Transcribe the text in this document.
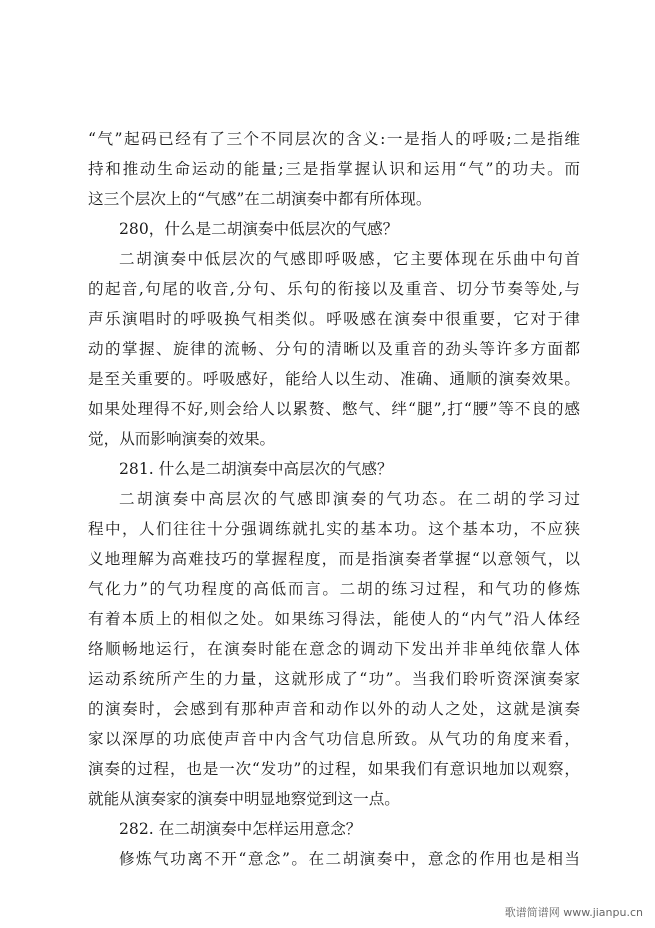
“气”起码已经有了三个不同层次的含义:一是指人的呼吸;二是指维
持和推动生命运动的能量;三是指掌握认识和运用“气”的功夫。而
这三个层次上的“气感”在二胡演奏中都有所体现。
280，什么是二胡演奏中低层次的气感？
二胡演奏中低层次的气感即呼吸感，它主要体现在乐曲中句首
的起音,句尾的收音,分句、乐句的衔接以及重音、切分节奏等处,与
声乐演唱时的呼吸换气相类似。呼吸感在演奏中很重要，它对于律
动的掌握、旋律的流畅、分句的清晰以及重音的劲头等许多方面都
是至关重要的。呼吸感好，能给人以生动、准确、通顺的演奏效果。
如果处理得不好,则会给人以累赘、憋气、绊“腿”,打“腰”等不良的感
觉，从而影响演奏的效果。
281. 什么是二胡演奏中高层次的气感？
二胡演奏中高层次的气感即演奏的气功态。在二胡的学习过
程中，人们往往十分强调练就扎实的基本功。这个基本功，不应狭
义地理解为高难技巧的掌握程度，而是指演奏者掌握“以意领气，以
气化力”的气功程度的高低而言。二胡的练习过程，和气功的修炼
有着本质上的相似之处。如果练习得法，能使人的“内气”沿人体经
络顺畅地运行，在演奏时能在意念的调动下发出并非单纯依靠人体
运动系统所产生的力量，这就形成了“功”。当我们聆听资深演奏家
的演奏时，会感到有那种声音和动作以外的动人之处，这就是演奏
家以深厚的功底使声音中内含气功信息所致。从气功的角度来看，
演奏的过程，也是一次“发功”的过程，如果我们有意识地加以观察，
就能从演奏家的演奏中明显地察觉到这一点。
282. 在二胡演奏中怎样运用意念？
修炼气功离不开“意念”。在二胡演奏中，意念的作用也是相当
歌谱简谱网 www.jianpu.cn
